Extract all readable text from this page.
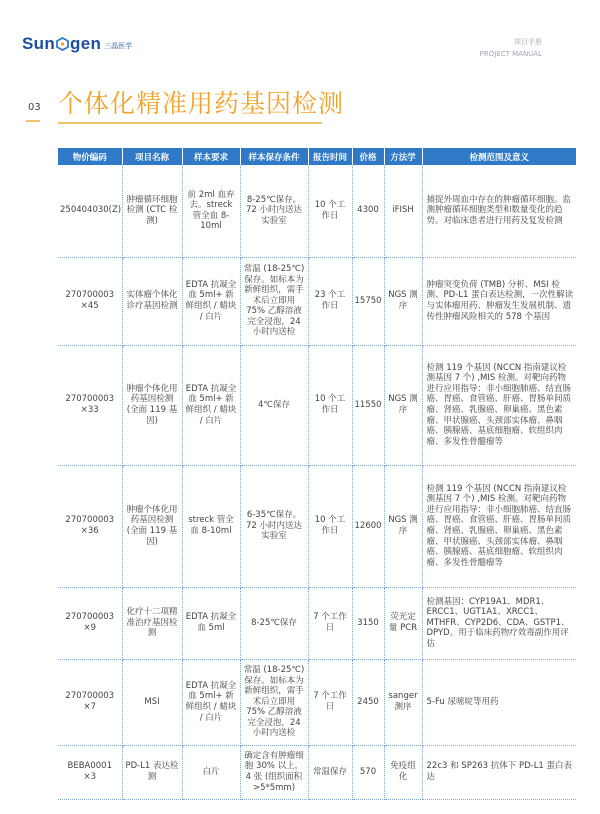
Sun gen 三晶医学	项目手册
PROJECT MANUAL
03 个体化精准用药基因检测
物价编码	项目名称	样本要求	样本保存条件	报告时间	价格	方法学	检测范围及意义
250404030(Z)	肿瘤循环细胞检测 (CTC 检测)	前 2ml 血弃去。streck 管全血 8-10ml	8-25℃保存。72 小时内送达实验室	10 个工作日	4300	iFISH	捕捉外周血中存在的肿瘤循环细胞。监测肿瘤循环细胞类型和数量变化的趋势。对临床患者进行用药及复发检测
270700003 ×45	实体瘤个体化诊疗基因检测	EDTA 抗凝全血 5ml+ 新鲜组织 / 蜡块 / 白片	常温 (18-25℃) 保存。如标本为新鲜组织，需手术后立即用 75% 乙醇溶液完全浸泡，24 小时内送检	23 个工作日	15750	NGS 测序	肿瘤突变负荷 (TMB) 分析、MSI 检测、PD-L1 蛋白表达检测，一次性解读与实体瘤用药、肿瘤发生发展机制、遗传性肿瘤风险相关的 578 个基因
270700003 ×33	肿瘤个体化用药基因检测 (全面 119 基因)	EDTA 抗凝全血 5ml+ 新鲜组织 / 蜡块 / 白片	4℃保存	10 个工作日	11550	NGS 测序	检测 119 个基因 (NCCN 指南建议检测基因 7 个) ,MIS 检测。对靶向药物进行应用指导：非小细胞肺癌、结直肠癌、胃癌、食管癌、肝癌、胃肠单间质瘤、肾癌、乳腺癌、卵巢癌、黑色素瘤、甲状腺癌、头颈部实体瘤、鼻咽癌、胰腺癌、基底细胞瘤、软组织肉瘤、多发性骨髓瘤等
270700003 ×36	肿瘤个体化用药基因检测 (全面 119 基因)	streck 管全血 8-10ml	6-35℃保存。72 小时内送达实验室	10 个工作日	12600	NGS 测序	检测 119 个基因 (NCCN 指南建议检测基因 7 个) ,MIS 检测。对靶向药物进行应用指导：非小细胞肺癌、结直肠癌、胃癌、食管癌、肝癌、胃肠单间质瘤、肾癌、乳腺癌、卵巢癌、黑色素瘤、甲状腺癌、头颈部实体瘤、鼻咽癌、胰腺癌、基底细胞瘤、软组织肉瘤、多发性骨髓瘤等
270700003 ×9	化疗十二项精准治疗基因检测	EDTA 抗凝全血 5ml	8-25℃保存	7 个工作日	3150	荧光定量 PCR	检测基因：CYP19A1、MDR1、ERCC1、UGT1A1、XRCC1、MTHFR、CYP2D6、CDA、GSTP1、DPYD。用于临床药物疗效毒副作用评估
270700003 ×7	MSI	EDTA 抗凝全血 5ml+ 新鲜组织 / 蜡块 / 白片	常温 (18-25℃) 保存。如标本为新鲜组织，需手术后立即用 75% 乙醇溶液完全浸泡，24 小时内送检	7 个工作日	2450	sanger 测序	5-Fu 尿嘧啶等用药
BEBA0001 ×3	PD-L1 表达检测	白片	确定含有肿瘤细胞 30% 以上，4 张 (组织面积 >5*5mm)	常温保存	570	免疫组化	22c3 和 SP263 抗体下 PD-L1 蛋白表达
